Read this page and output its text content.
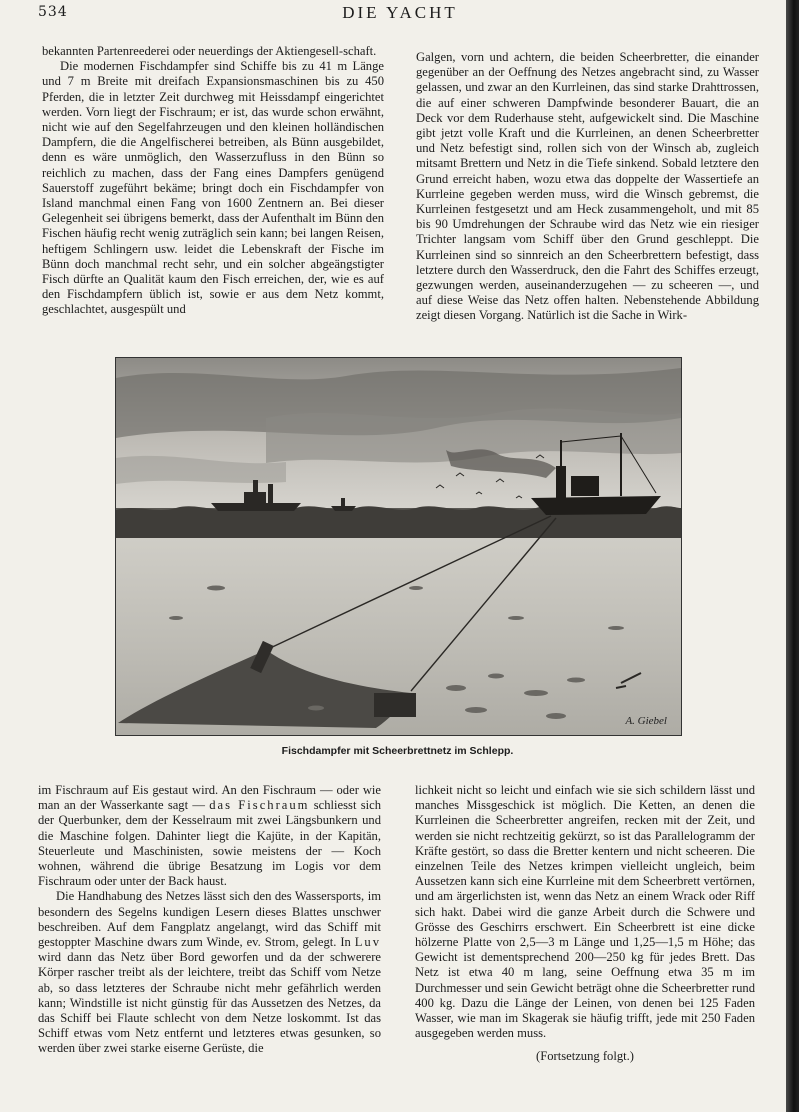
534	DIE YACHT

bekannten Partenreederei oder neuerdings der Aktiengesell-schaft.

Die modernen Fischdampfer sind Schiffe bis zu 41 m Länge und 7 m Breite mit dreifach Expansionsmaschinen bis zu 450 Pferden, die in letzter Zeit durchweg mit Heissdampf eingerichtet werden. Vorn liegt der Fischraum; er ist, das wurde schon erwähnt, nicht wie auf den Segelfahrzeugen und den kleinen holländischen Dampfern, die die Angelfischerei betreiben, als Bünn ausgebildet, denn es wäre unmöglich, den Wasserzufluss in den Bünn so reichlich zu machen, dass der Fang eines Dampfers genügend Sauerstoff zugeführt bekäme; bringt doch ein Fischdampfer von Island manchmal einen Fang von 1600 Zentnern an. Bei dieser Gelegenheit sei übrigens bemerkt, dass der Aufenthalt im Bünn den Fischen häufig recht wenig zuträglich sein kann; bei langen Reisen, heftigem Schlingern usw. leidet die Lebenskraft der Fische im Bünn doch manchmal recht sehr, und ein solcher abgeängstigter Fisch dürfte an Qualität kaum den Fisch erreichen, der, wie es auf den Fischdampfern üblich ist, sowie er aus dem Netz kommt, geschlachtet, ausgespült und

Galgen, vorn und achtern, die beiden Scheerbretter, die einander gegenüber an der Oeffnung des Netzes angebracht sind, zu Wasser gelassen, und zwar an den Kurrleinen, das sind starke Drahttrossen, die auf einer schweren Dampfwinde besonderer Bauart, die an Deck vor dem Ruderhause steht, aufgewickelt sind. Die Maschine gibt jetzt volle Kraft und die Kurrleinen, an denen Scheerbretter und Netz befestigt sind, rollen sich von der Winsch ab, zugleich mitsamt Brettern und Netz in die Tiefe sinkend. Sobald letztere den Grund erreicht haben, wozu etwa das doppelte der Wassertiefe an Kurrleine gegeben werden muss, wird die Winsch gebremst, die Kurrleinen festgesetzt und am Heck zusammengeholt, und mit 85 bis 90 Umdrehungen der Schraube wird das Netz wie ein riesiger Trichter langsam vom Schiff über den Grund geschleppt. Die Kurrleinen sind so sinnreich an den Scheerbrettern befestigt, dass letztere durch den Wasserdruck, den die Fahrt des Schiffes erzeugt, gezwungen werden, auseinanderzugehen — zu scheeren —, und auf diese Weise das Netz offen halten. Nebenstehende Abbildung zeigt diesen Vorgang. Natürlich ist die Sache in Wirk-

A. Giebel
Fischdampfer mit Scheerbrettnetz im Schlepp.

im Fischraum auf Eis gestaut wird. An den Fischraum — oder wie man an der Wasserkante sagt — das Fischraum schliesst sich der Querbunker, dem der Kesselraum mit zwei Längsbunkern und die Maschine folgen. Dahinter liegt die Kajüte, in der Kapitän, Steuerleute und Maschinisten, sowie meistens der — Koch wohnen, während die übrige Besatzung im Logis vor dem Fischraum oder unter der Back haust.

Die Handhabung des Netzes lässt sich den des Wassersports, im besondern des Segelns kundigen Lesern dieses Blattes unschwer beschreiben. Auf dem Fangplatz angelangt, wird das Schiff mit gestoppter Maschine dwars zum Winde, ev. Strom, gelegt. In Luv wird dann das Netz über Bord geworfen und da der schwerere Körper rascher treibt als der leichtere, treibt das Schiff vom Netze ab, so dass letzteres der Schraube nicht mehr gefährlich werden kann; Windstille ist nicht günstig für das Aussetzen des Netzes, da das Schiff bei Flaute schlecht von dem Netze loskommt. Ist das Schiff etwas vom Netz entfernt und letzteres etwas gesunken, so werden über zwei starke eiserne Gerüste, die

lichkeit nicht so leicht und einfach wie sie sich schildern lässt und manches Missgeschick ist möglich. Die Ketten, an denen die Kurrleinen die Scheerbretter angreifen, recken mit der Zeit, und werden sie nicht rechtzeitig gekürzt, so ist das Parallelogramm der Kräfte gestört, so dass die Bretter kentern und nicht scheeren. Die einzelnen Teile des Netzes krimpen vielleicht ungleich, beim Aussetzen kann sich eine Kurrleine mit dem Scheerbrett vertörnen, und am ärgerlichsten ist, wenn das Netz an einem Wrack oder Riff sich hakt. Dabei wird die ganze Arbeit durch die Schwere und Grösse des Geschirrs erschwert. Ein Scheerbrett ist eine dicke hölzerne Platte von 2,5—3 m Länge und 1,25—1,5 m Höhe; das Gewicht ist dementsprechend 200—250 kg für jedes Brett. Das Netz ist etwa 40 m lang, seine Oeffnung etwa 35 m im Durchmesser und sein Gewicht beträgt ohne die Scheerbretter rund 400 kg. Dazu die Länge der Leinen, von denen bei 125 Faden Wasser, wie man im Skagerak sie häufig trifft, jede mit 250 Faden ausgegeben werden muss.

(Fortsetzung folgt.)
